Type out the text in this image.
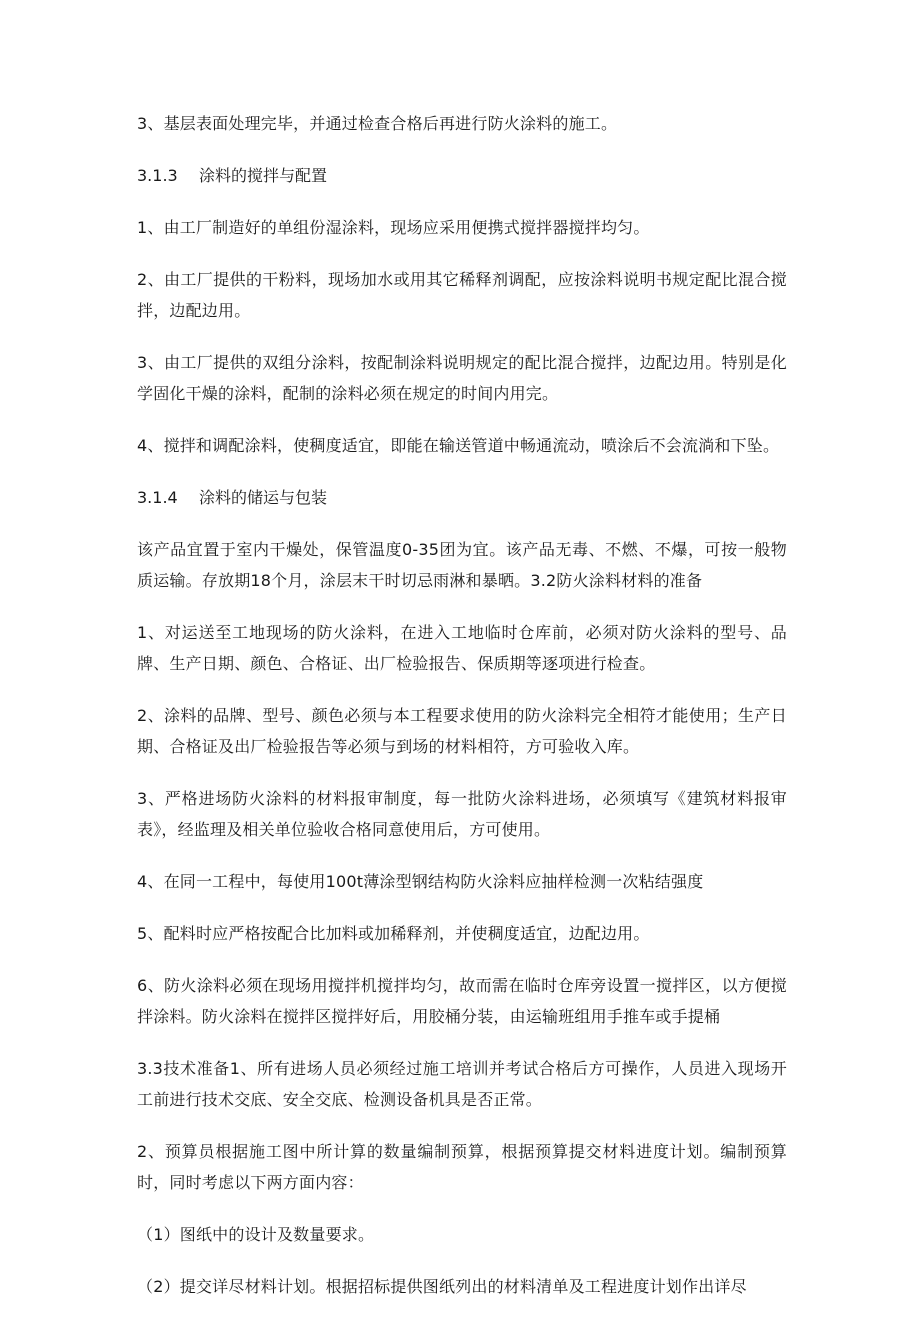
3、基层表面处理完毕，并通过检查合格后再进行防火涂料的施工。

3.1.3 涂料的搅拌与配置

1、由工厂制造好的单组份湿涂料，现场应采用便携式搅拌器搅拌均匀。

2、由工厂提供的干粉料，现场加水或用其它稀释剂调配，应按涂料说明书规定配比混合搅拌，边配边用。

3、由工厂提供的双组分涂料，按配制涂料说明规定的配比混合搅拌，边配边用。特别是化学固化干燥的涂料，配制的涂料必须在规定的时间内用完。

4、搅拌和调配涂料，使稠度适宜，即能在输送管道中畅通流动，喷涂后不会流淌和下坠。

3.1.4 涂料的储运与包装

该产品宜置于室内干燥处，保管温度0-35团为宜。该产品无毒、不燃、不爆，可按一般物质运输。存放期18个月，涂层末干时切忌雨淋和暴晒。3.2防火涂料材料的准备

1、对运送至工地现场的防火涂料，在进入工地临时仓库前，必须对防火涂料的型号、品牌、生产日期、颜色、合格证、出厂检验报告、保质期等逐项进行检查。

2、涂料的品牌、型号、颜色必须与本工程要求使用的防火涂料完全相符才能使用；生产日期、合格证及出厂检验报告等必须与到场的材料相符，方可验收入库。

3、严格进场防火涂料的材料报审制度，每一批防火涂料进场，必须填写《建筑材料报审表》，经监理及相关单位验收合格同意使用后，方可使用。

4、在同一工程中，每使用100t薄涂型钢结构防火涂料应抽样检测一次粘结强度

5、配料时应严格按配合比加料或加稀释剂，并使稠度适宜，边配边用。

6、防火涂料必须在现场用搅拌机搅拌均匀，故而需在临时仓库旁设置一搅拌区，以方便搅拌涂料。防火涂料在搅拌区搅拌好后，用胶桶分装，由运输班组用手推车或手提桶

3.3技术准备1、所有进场人员必须经过施工培训并考试合格后方可操作，人员进入现场开工前进行技术交底、安全交底、检测设备机具是否正常。

2、预算员根据施工图中所计算的数量编制预算，根据预算提交材料进度计划。编制预算时，同时考虑以下两方面内容：

（1）图纸中的设计及数量要求。

（2）提交详尽材料计划。根据招标提供图纸列出的材料清单及工程进度计划作出详尽
